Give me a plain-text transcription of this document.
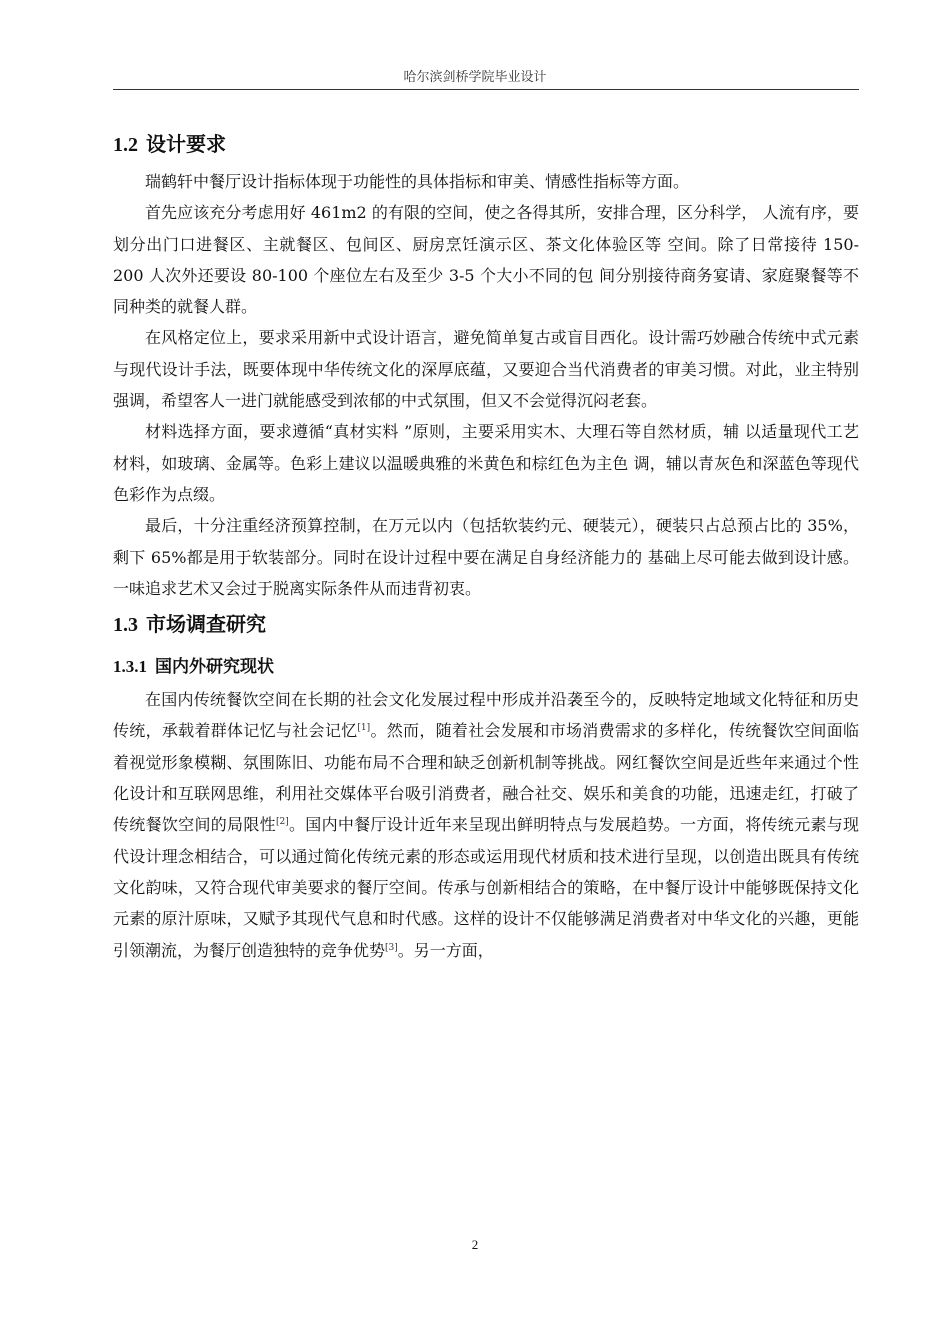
哈尔滨剑桥学院毕业设计
1.2 设计要求

瑞鹤轩中餐厅设计指标体现于功能性的具体指标和审美、情感性指标等方面。

首先应该充分考虑用好 461m2 的有限的空间，使之各得其所，安排合理，区分科学， 人流有序，要划分出门口进餐区、主就餐区、包间区、厨房烹饪演示区、茶文化体验区等 空间。除了日常接待 150-200 人次外还要设 80-100 个座位左右及至少 3-5 个大小不同的包 间分别接待商务宴请、家庭聚餐等不同种类的就餐人群。

在风格定位上，要求采用新中式设计语言，避免简单复古或盲目西化。设计需巧妙融合传统中式元素与现代设计手法，既要体现中华传统文化的深厚底蕴，又要迎合当代消费者的审美习惯。对此，业主特别强调，希望客人一进门就能感受到浓郁的中式氛围，但又不会觉得沉闷老套。

材料选择方面，要求遵循“真材实料 ”原则，主要采用实木、大理石等自然材质，辅 以适量现代工艺材料，如玻璃、金属等。色彩上建议以温暖典雅的米黄色和棕红色为主色 调，辅以青灰色和深蓝色等现代色彩作为点缀。

最后，十分注重经济预算控制，在万元以内（包括软装约元、硬装元），硬装只占总预占比的 35%，剩下 65%都是用于软装部分。同时在设计过程中要在满足自身经济能力的 基础上尽可能去做到设计感。一味追求艺术又会过于脱离实际条件从而违背初衷。

1.3 市场调查研究
1.3.1 国内外研究现状

在国内传统餐饮空间在长期的社会文化发展过程中形成并沿袭至今的，反映特定地域文化特征和历史传统，承载着群体记忆与社会记忆[1]。然而，随着社会发展和市场消费需求的多样化，传统餐饮空间面临着视觉形象模糊、氛围陈旧、功能布局不合理和缺乏创新机制等挑战。网红餐饮空间是近些年来通过个性化设计和互联网思维，利用社交媒体平台吸引消费者，融合社交、娱乐和美食的功能，迅速走红，打破了传统餐饮空间的局限性[2]。国内中餐厅设计近年来呈现出鲜明特点与发展趋势。一方面，将传统元素与现代设计理念相结合，可以通过简化传统元素的形态或运用现代材质和技术进行呈现，以创造出既具有传统文化韵味，又符合现代审美要求的餐厅空间。传承与创新相结合的策略，在中餐厅设计中能够既保持文化元素的原汁原味，又赋予其现代气息和时代感。这样的设计不仅能够满足消费者对中华文化的兴趣，更能引领潮流，为餐厅创造独特的竞争优势[3]。另一方面，

2
